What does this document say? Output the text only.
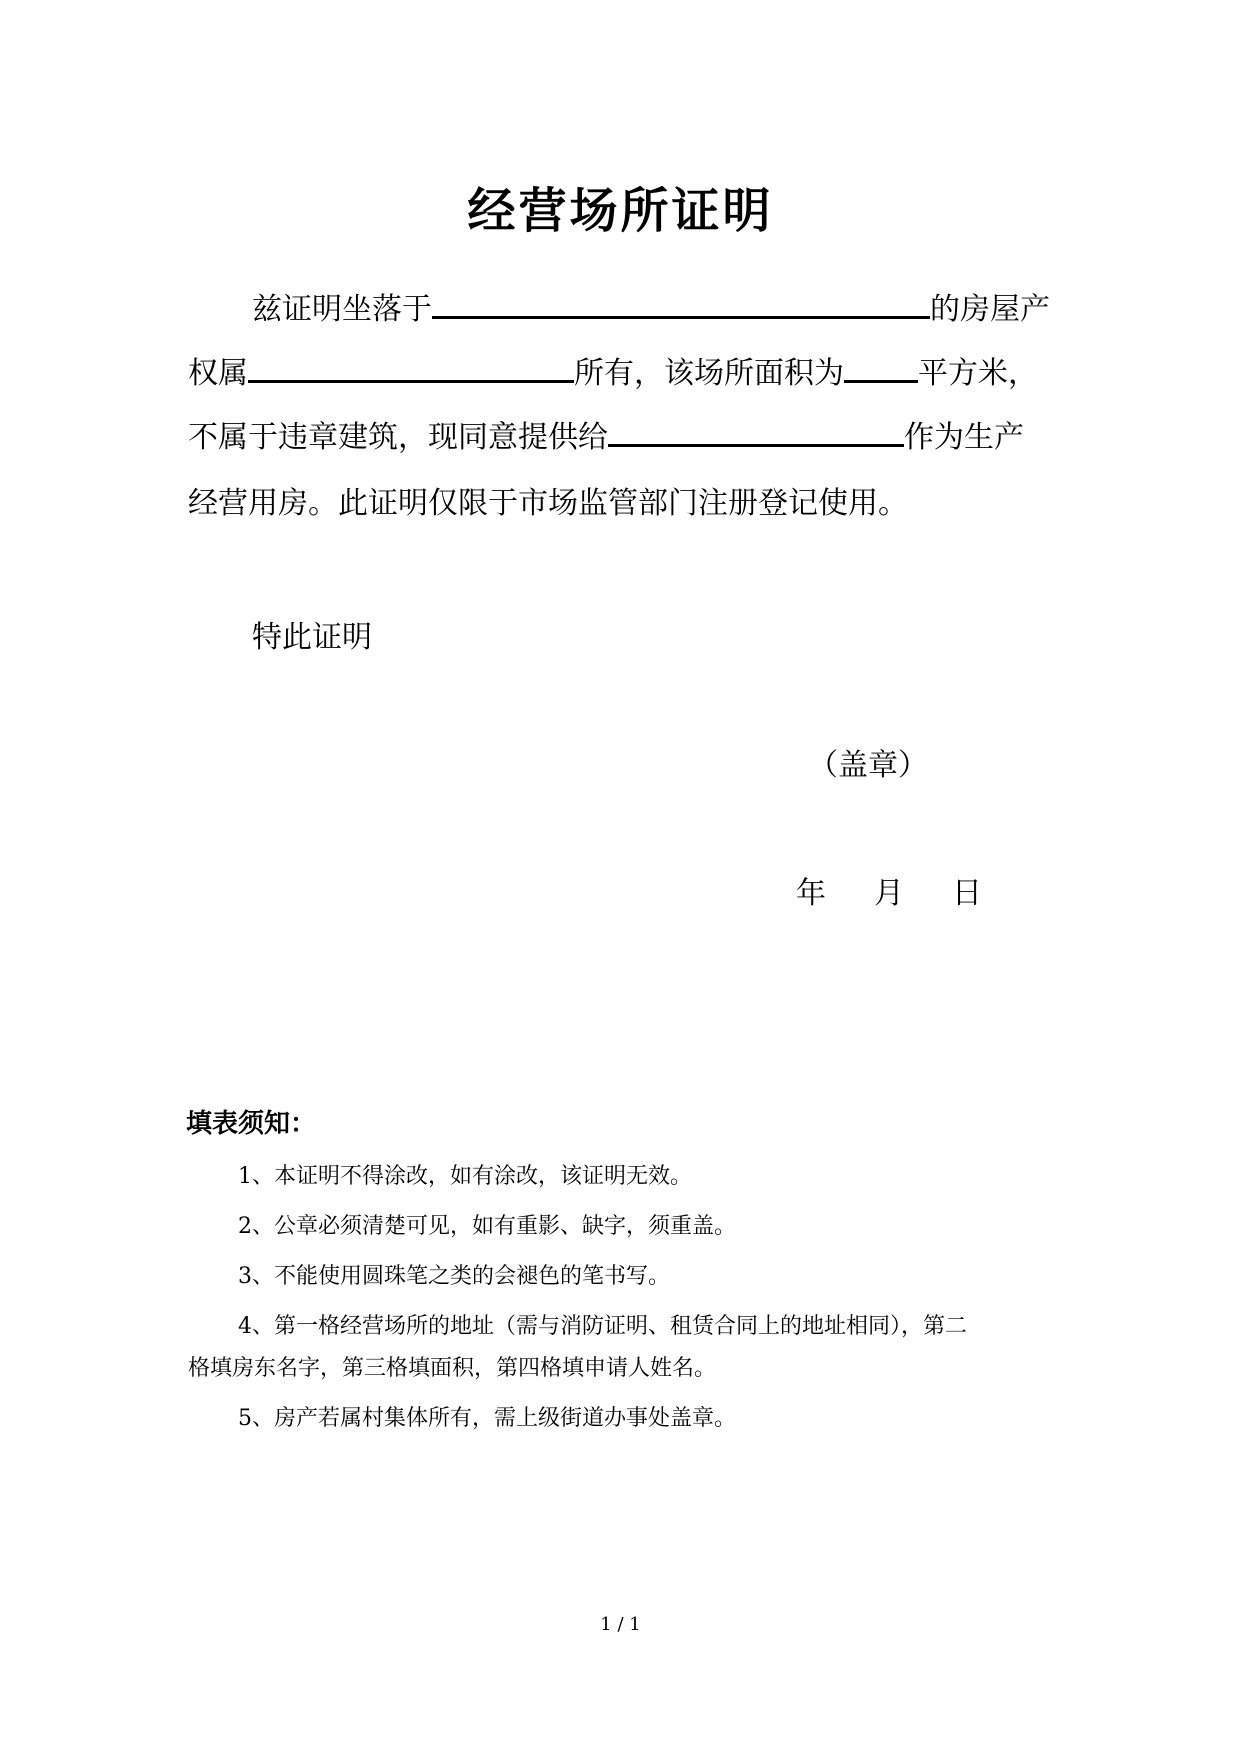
经营场所证明
兹证明坐落于	的房屋产
权属	所有，该场所面积为 平方米，
不属于违章建筑，现同意提供给	作为生产
经营用房。此证明仅限于市场监管部门注册登记使用。
特此证明
（盖章）
年 月 日
填表须知：
1、本证明不得涂改，如有涂改，该证明无效。
2、公章必须清楚可见，如有重影、缺字，须重盖。
3、不能使用圆珠笔之类的会褪色的笔书写。
4、第一格经营场所的地址（需与消防证明、租赁合同上的地址相同），第二
格填房东名字，第三格填面积，第四格填申请人姓名。
5、房产若属村集体所有，需上级街道办事处盖章。
1 / 1
